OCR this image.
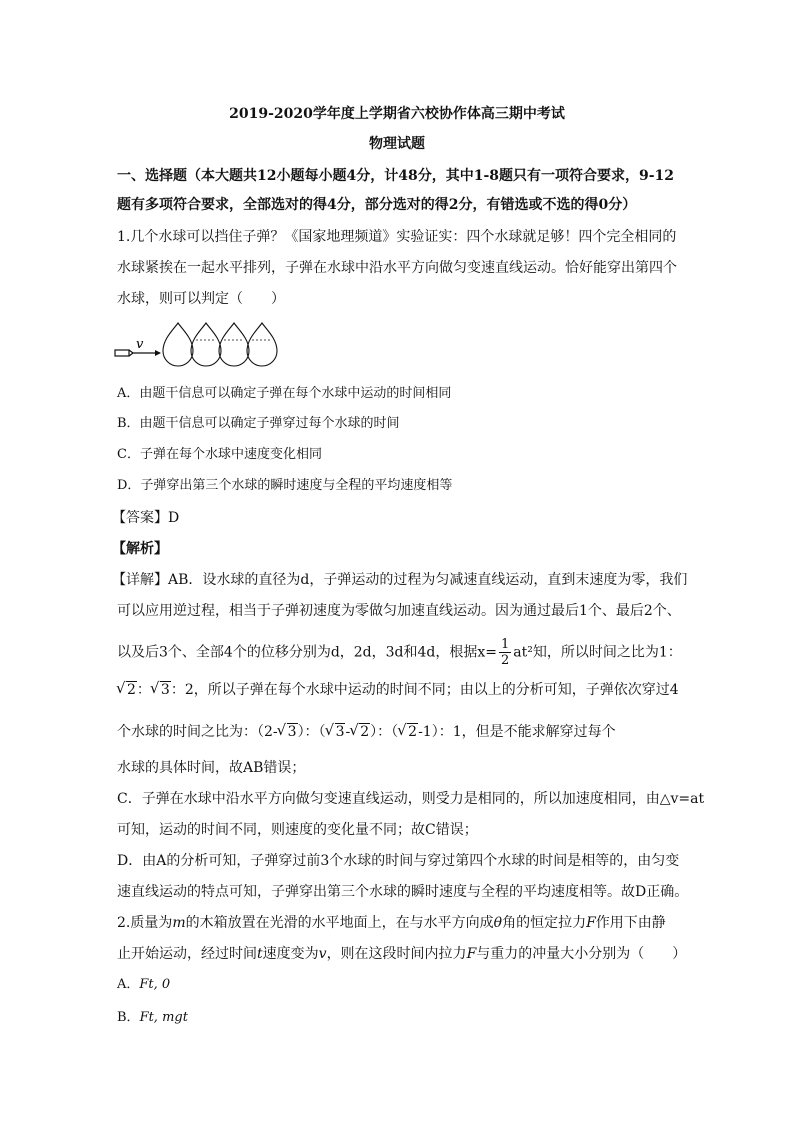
2019-2020学年度上学期省六校协作体高三期中考试
物理试题
一、选择题（本大题共12小题每小题4分，计48分，其中1-8题只有一项符合要求，9-12
题有多项符合要求，全部选对的得4分，部分选对的得2分，有错选或不选的得0分）
1.几个水球可以挡住子弹？《国家地理频道》实验证实：四个水球就足够！四个完全相同的
水球紧挨在一起水平排列，子弹在水球中沿水平方向做匀变速直线运动。恰好能穿出第四个
水球，则可以判定（　　）
v
A．由题干信息可以确定子弹在每个水球中运动的时间相同
B．由题干信息可以确定子弹穿过每个水球的时间
C．子弹在每个水球中速度变化相同
D．子弹穿出第三个水球的瞬时速度与全程的平均速度相等
【答案】D
【解析】
【详解】AB．设水球的直径为d，子弹运动的过程为匀减速直线运动，直到末速度为零，我们
可以应用逆过程，相当于子弹初速度为零做匀加速直线运动。因为通过最后1个、最后2个、
以及后3个、全部4个的位移分别为d，2d，3d和4d，根据$x= \frac{1}{2} at^2$知，所以时间之比为1：
√ 2： √ 3：2，所以子弹在每个水球中运动的时间不同；由以上的分析可知，子弹依次穿过4
个水球的时间之比为：（2- √ 3）：（ √ 3- √ 2）：（ √ 2-1）：1，但是不能求解穿过每个
水球的具体时间，故AB错误；
C．子弹在水球中沿水平方向做匀变速直线运动，则受力是相同的，所以加速度相同，由△v=at
可知，运动的时间不同，则速度的变化量不同；故C错误；
D．由A的分析可知，子弹穿过前3个水球的时间与穿过第四个水球的时间是相等的，由匀变
速直线运动的特点可知，子弹穿出第三个水球的瞬时速度与全程的平均速度相等。故D正确。
2.质量为m的木箱放置在光滑的水平地面上，在与水平方向成θ角的恒定拉力F作用下由静
止开始运动，经过时间t速度变为v，则在这段时间内拉力F与重力的冲量大小分别为（　　）
A．Ft, 0
B．Ft, mgt
